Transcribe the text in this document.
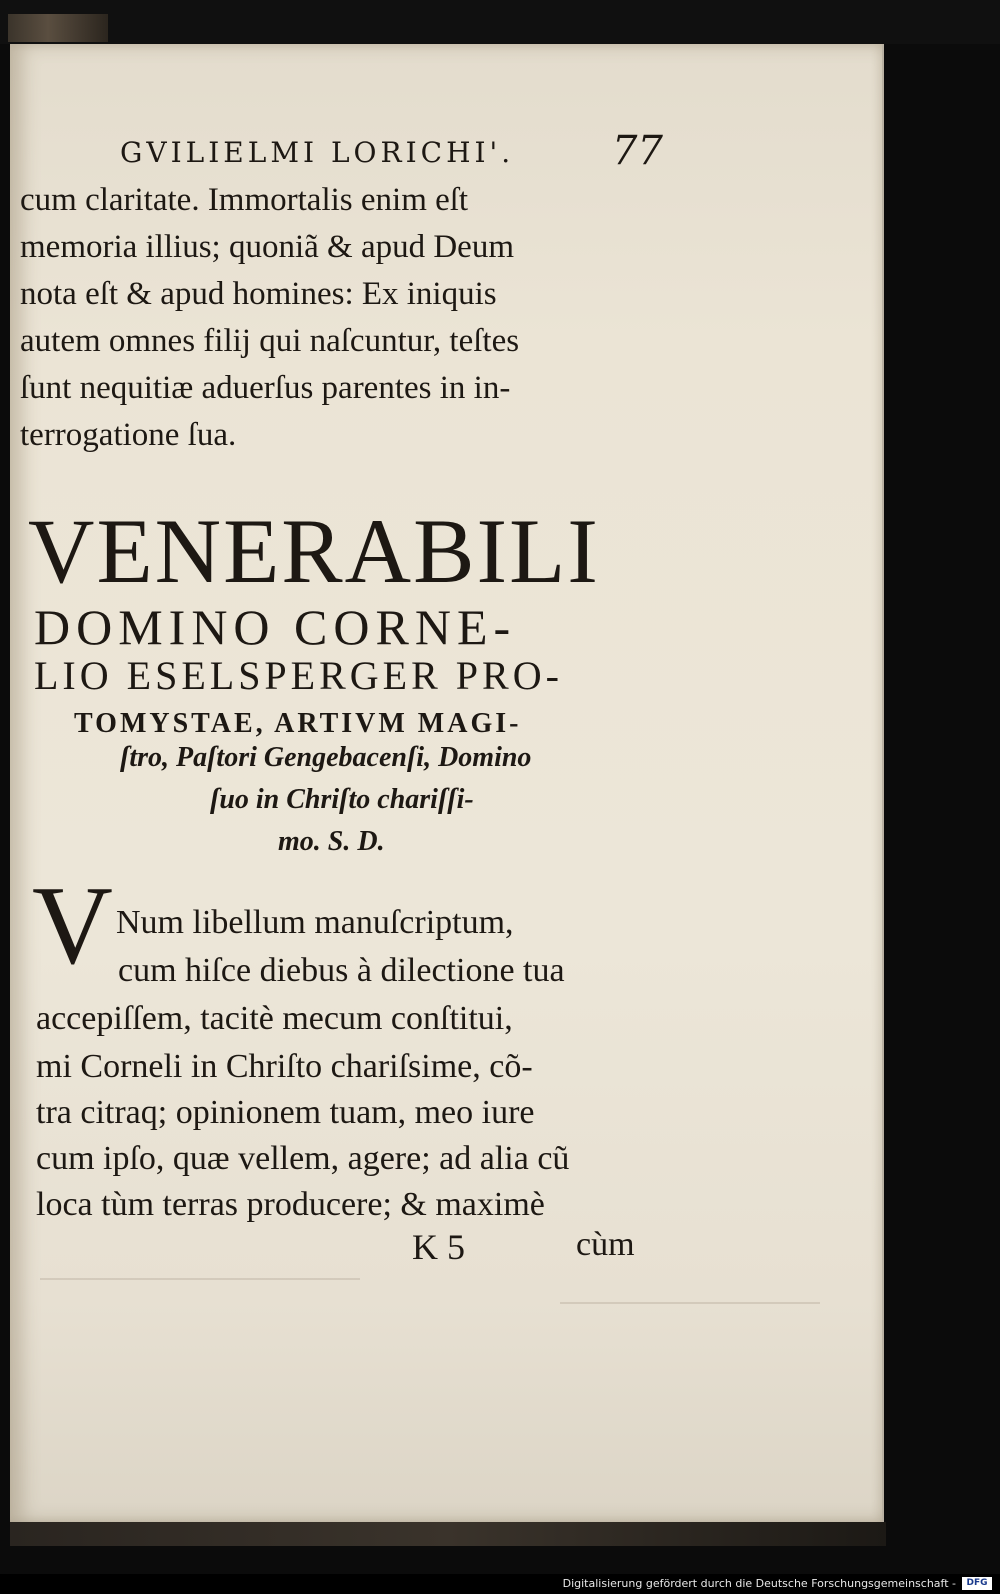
GVILIELMI LORICHI'. 77
cum claritate. Immortalis enim eſt
memoria illius; quoniã & apud Deum
nota eſt & apud homines: Ex iniquis
autem omnes filij qui naſcuntur, teſtes
ſunt nequitiæ aduerſus parentes in in-
terrogatione ſua.
VENERABILI
DOMINO CORNE-
LIO ESELSPERGER PRO-
TOMYSTAE, ARTIVM MAGI-
ſtro, Paſtori Gengebacenſi, Domino
ſuo in Chriſto chariſſi-
mo. S. D.
V Num libellum manuſcriptum,
cum hiſce diebus à dilectione tua
accepiſſem, tacitè mecum conſtitui,
mi Corneli in Chriſto chariſsime, cõ-
tra citraq; opinionem tuam, meo iure
cum ipſo, quæ vellem, agere; ad alia cũ
loca tùm terras producere; & maximè
K 5	cùm
Digitalisierung gefördert durch die Deutsche Forschungsgemeinschaft -	DFG
